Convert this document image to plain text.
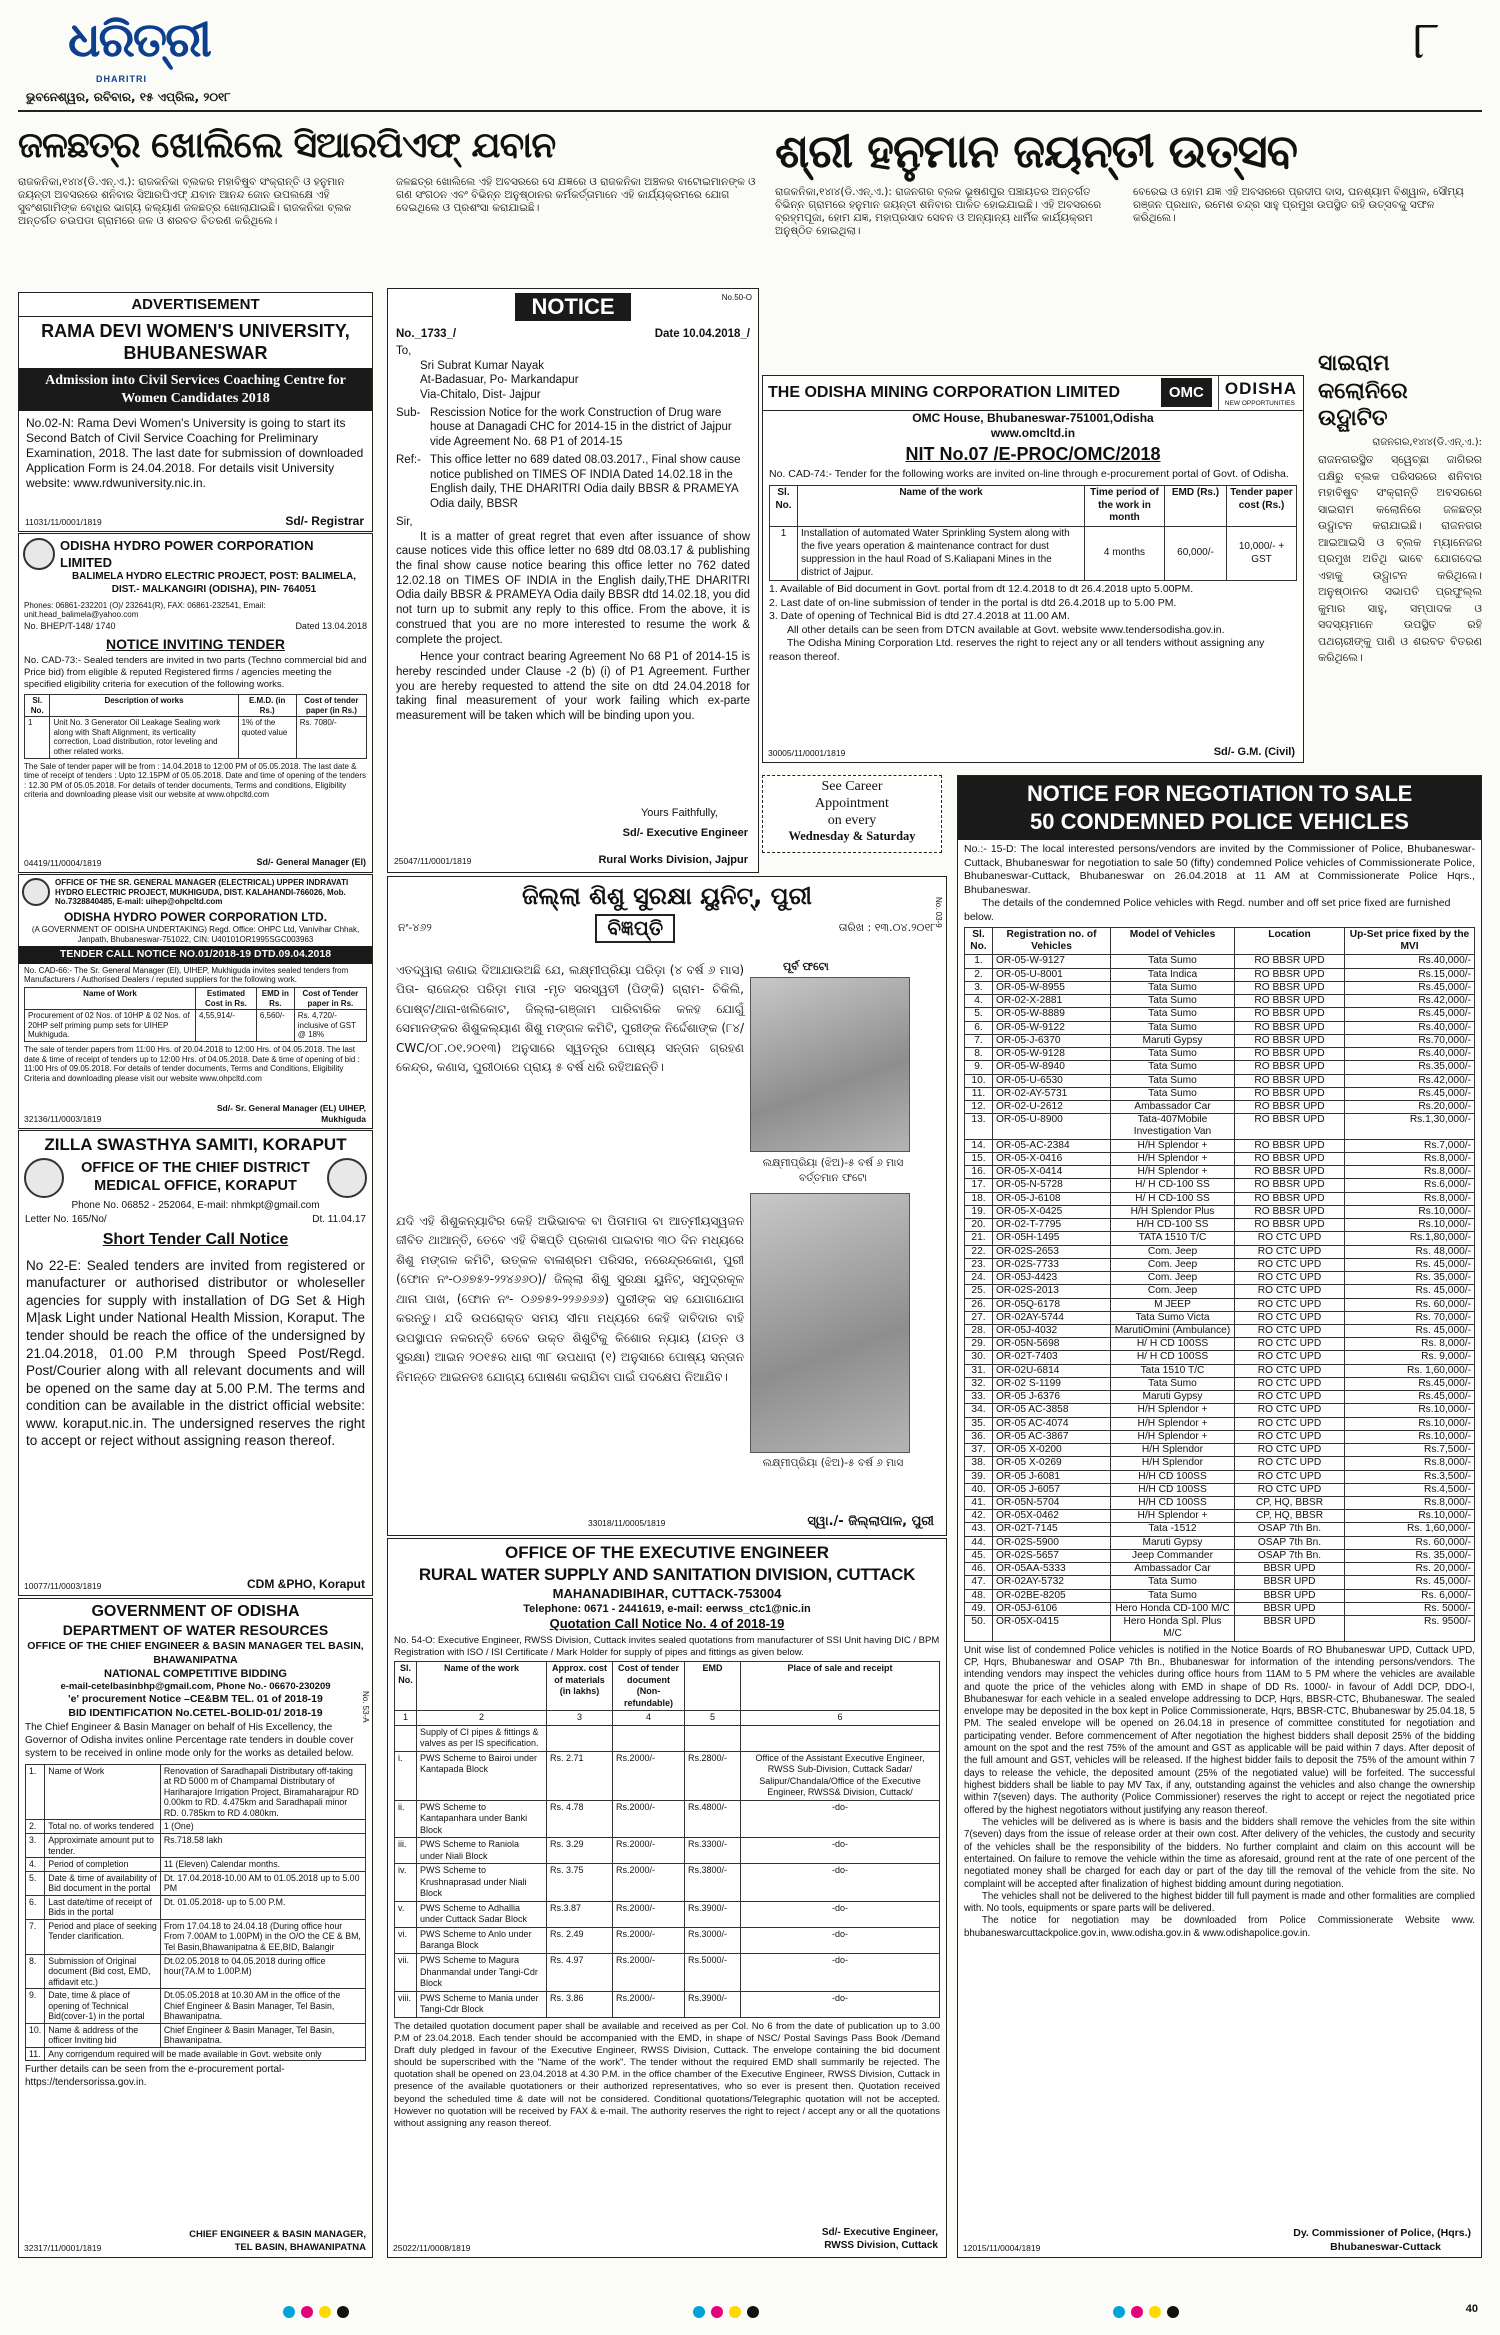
ଧରିତ୍ରୀ
DHARITRI
ଭୁବନେଶ୍ୱର, ରବିବାର, ୧୫ ଏପ୍ରିଲ, ୨୦୧୮
୮
ଜଳଛତ୍ର ଖୋଲିଲେ ସିଆରପିଏଫ୍ ଯବାନ
ରାଜକନିକା,୧୪ା୪(ଡି.ଏନ୍.ଏ.): ରାଜକନିକା ବ୍ଲକର ମହାବିଷୁବ ସଂକ୍ରାନ୍ତି ଓ ହନୁମାନ ଜୟନ୍ତୀ ଅବସରରେ ଶନିବାର ସିଆରପିଏଫ୍ ଯବାନ ଆନନ୍ଦ ଜୋନ ଉପଲକ୍ଷେ ଏହି ସୁବଂଶଗାମିଙ୍କ ବୋଧିର ଭାଗ୍ୟ କଲ୍ୟାଣ ଜଳଛତ୍ର ଖୋଲାଯାଇଛି। ରାଜକନିକା ବ୍ଲକ ଅନ୍ତର୍ଗତ ଚଉପଡା ଗ୍ରାମରେ ଜଳ ଓ ଶରବତ ବିତରଣ କରିଥିଲେ।
ଜଳଛତ୍ର ଖୋଲିଲେ ଏହି ଅବସରରେ ସେ ଯଜ୍ଞରେ ଓ ରାଜକନିକା ଅଞ୍ଚଳର ବାଟୋଇମାନଙ୍କ ଓ ଗଣ ସଂଗଠନ ଏବଂ ବିଭିନ୍ନ ଅନୁଷ୍ଠାନର କର୍ମକର୍ତ୍ତାମାନେ ଏହି କାର୍ଯ୍ୟକ୍ରମରେ ଯୋଗ ଦେଇଥିଲେ ଓ ପ୍ରଶଂସା କରାଯାଇଛି।
ଶ୍ରୀ ହନୁମାନ ଜୟନ୍ତୀ ଉତ୍ସବ
ରାଜକନିକା,୧୪ା୪(ଡି.ଏନ୍.ଏ.): ରାଜନଗର ବ୍ଲକ ଭୂଷଣପୁର ପଞ୍ଚାୟତର ଅନ୍ତର୍ଗତ ବିଭିନ୍ନ ଗ୍ରାମରେ ହନୁମାନ ଜୟନ୍ତୀ ଶନିବାର ପାଳିତ ହୋଇଯାଇଛି। ଏହି ଅବସରରେ ବ୍ରହ୍ମପୂଜା, ହୋମ ଯଜ୍ଞ, ମହାପ୍ରସାଦ ସେବନ ଓ ଅନ୍ୟାନ୍ୟ ଧାର୍ମିକ କାର୍ଯ୍ୟକ୍ରମ ଅନୁଷ୍ଠିତ ହୋଇଥିଲା।
ବେରେଇ ଓ ହୋମ ଯଜ୍ଞ ଏହି ଅବସରରେ ପ୍ରଦୀପ ଦାସ, ଘନଶ୍ୟାମ ବିଶ୍ୱାଳ, ସୌମ୍ୟ ରଞ୍ଜନ ପ୍ରଧାନ, ରମେଶ ଚନ୍ଦ୍ର ସାହୁ ପ୍ରମୁଖ ଉପସ୍ଥିତ ରହି ଉତ୍ସବକୁ ସଫଳ କରିଥିଲେ।
ADVERTISEMENT
RAMA DEVI WOMEN'S UNIVERSITY, BHUBANESWAR
Admission into Civil Services Coaching Centre for Women Candidates 2018
No.02-N: Rama Devi Women's University is going to start its Second Batch of Civil Service Coaching for Preliminary Examination, 2018. The last date for submission of downloaded Application Form is 24.04.2018. For details visit University website: www.rdwuniversity.nic.in.
11031/11/0001/1819	Sd/- Registrar
ODISHA HYDRO POWER CORPORATION LIMITED
BALIMELA HYDRO ELECTRIC PROJECT, POST: BALIMELA, DIST.- MALKANGIRI (ODISHA), PIN- 764051
Phones: 06861-232201 (O)/ 232641(R), FAX: 06861-232541, Email: unit.head_balimela@yahoo.com
No. BHEP/T-148/ 1740	Dated 13.04.2018
NOTICE INVITING TENDER
No. CAD-73:- Sealed tenders are invited in two parts (Techno commercial bid and Price bid) from eligible & reputed Registered firms / agencies meeting the specified eligibility criteria for execution of the following works.
Sl. No.	Description of works	E.M.D. (in Rs.)	Cost of tender paper (in Rs.)
1	Unit No. 3 Generator Oil Leakage Sealing work along with Shaft Alignment, its verticality correction, Load distribution, rotor leveling and other related works.	1% of the quoted value	Rs. 7080/-
The Sale of tender paper will be from : 14.04.2018 to 12:00 PM of 05.05.2018. The last date & time of receipt of tenders : Upto 12.15PM of 05.05.2018. Date and time of opening of the tenders : 12.30 PM of 05.05.2018. For details of tender documents, Terms and conditions, Eligibility criteria and downloading please visit our website at www.ohpcltd.com
04419/11/0004/1819	Sd/- General Manager (EI)
OFFICE OF THE SR. GENERAL MANAGER (ELECTRICAL) UPPER INDRAVATI HYDRO ELECTRIC PROJECT, MUKHIGUDA, DIST. KALAHANDI-766026, Mob. No.7328840485, E-mail: uihep@ohpcltd.com
ODISHA HYDRO POWER CORPORATION LTD.
(A GOVERNMENT OF ODISHA UNDERTAKING) Regd. Office: OHPC Ltd, Vanivihar Chhak, Janpath, Bhubaneswar-751022, CIN: U40101OR1995SGC003963
TENDER CALL NOTICE NO.01/2018-19 DTD.09.04.2018
No. CAD-66:- The Sr. General Manager (El), UIHEP, Mukhiguda invites sealed tenders from Manufacturers / Authorised Dealers / reputed suppliers for the following work.
Name of Work	Estimated Cost in Rs.	EMD in Rs.	Cost of Tender paper in Rs.
Procurement of 02 Nos. of 10HP & 02 Nos. of 20HP self priming pump sets for UIHEP Mukhiguda.	4,55,914/-	6,560/-	Rs. 4,720/- inclusive of GST @ 18%
The sale of tender papers from 11:00 Hrs. of 20.04.2018 to 12:00 Hrs. of 04.05.2018. The last date & time of receipt of tenders up to 12:00 Hrs. of 04.05.2018. Date & time of opening of bid : 11:00 Hrs of 09.05.2018. For details of tender documents, Terms and Conditions, Eligibility Criteria and downloading please visit our website www.ohpcltd.com
32136/11/0003/1819
Sd/- Sr. General Manager (EL) UIHEP, Mukhiguda
ZILLA SWASTHYA SAMITI, KORAPUT
OFFICE OF THE CHIEF DISTRICT MEDICAL OFFICE, KORAPUT
Phone No. 06852 - 252064, E-mail: nhmkpt@gmail.com
Letter No. 165/No/	Dt. 11.04.17
Short Tender Call Notice
No 22-E: Sealed tenders are invited from registered or manufacturer or authorised distributor or wholeseller agencies for supply with installation of DG Set & High M|ask Light under National Health Mission, Koraput. The tender should be reach the office of the undersigned by 21.04.2018, 01.00 P.M through Speed Post/Regd. Post/Courier along with all relevant documents and will be opened on the same day at 5.00 P.M. The terms and condition can be available in the district official website: www. koraput.nic.in. The undersigned reserves the right to accept or reject without assigning reason thereof.
10077/11/0003/1819	CDM &PHO, Koraput
GOVERNMENT OF ODISHA
DEPARTMENT OF WATER RESOURCES
OFFICE OF THE CHIEF ENGINEER & BASIN MANAGER TEL BASIN, BHAWANIPATNA
NATIONAL COMPETITIVE BIDDING
e-mail-cetelbasinbhp@gmail.com, Phone No.- 06670-230209
'e' procurement Notice –CE&BM TEL. 01 of 2018-19
BID IDENTIFICATION No.CETEL-BOLID-01/ 2018-19	No. 53-A
The Chief Engineer & Basin Manager on behalf of His Excellency, the Governor of Odisha invites online Percentage rate tenders in double cover system to be received in online mode only for the works as detailed below.
1.	Name of Work	Renovation of Saradhapali Distributary off-taking at RD 5000 m of Champamal Distributary of Hariharajore Irrigation Project, Biramaharajpur RD 0.00km to RD. 4.475km and Saradhapali minor RD. 0.785km to RD 4.080km.
2.	Total no. of works tendered	1 (One)
3.	Approximate amount put to tender.	Rs.718.58 lakh
4.	Period of completion	11 (Eleven) Calendar months.
5.	Date & time of availability of Bid document in the portal	Dt. 17.04.2018-10.00 AM to 01.05.2018 up to 5.00 PM
6.	Last date/time of receipt of Bids in the portal	Dt. 01.05.2018- up to 5.00 P.M.
7.	Period and place of seeking Tender clarification.	From 17.04.18 to 24.04.18 (During office hour From 7.00AM to 1.00PM) in the O/O the CE & BM, Tel Basin,Bhawanipatna & EE,BID, Balangir
8.	Submission of Original document (Bid cost, EMD, affidavit etc.)	Dt.02.05.2018 to 04.05.2018 during office hour(7A.M to 1.00P.M)
9.	Date, time & place of opening of Technical Bid(cover-1) in the portal	Dt.05.05.2018 at 10.30 AM in the office of the Chief Engineer & Basin Manager, Tel Basin, Bhawanipatna.
10.	Name & address of the officer Inviting bid	Chief Engineer & Basin Manager, Tel Basin, Bhawanipatna.
11.	Any corrigendum required will be made available in Govt. website only	
Further details can be seen from the e-procurement portal-https://tendersorissa.gov.in.
32317/11/0001/1819
CHIEF ENGINEER & BASIN MANAGER,
TEL BASIN, BHAWANIPATNA
No.50-O
NOTICE
No._1733_/	Date 10.04.2018_/
To,
Sri Subrat Kumar Nayak
At-Badasuar, Po- Markandapur
Via-Chitalo, Dist- Jajpur
Sub- Rescission Notice for the work Construction of Drug ware house at Danagadi CHC for 2014-15 in the district of Jajpur vide Agreement No. 68 P1 of 2014-15
Ref:- This office letter no 689 dated 08.03.2017., Final show cause notice published on TIMES OF INDIA Dated 14.02.18 in the English daily, THE DHARITRI Odia daily BBSR & PRAMEYA Odia daily, BBSR
Sir,
It is a matter of great regret that even after issuance of show cause notices vide this office letter no 689 dtd 08.03.17 & publishing the final show cause notice bearing this office letter no 762 dated 12.02.18 on TIMES OF INDIA in the English daily,THE DHARITRI Odia daily BBSR & PRAMEYA Odia daily BBSR dtd 14.02.18, you did not turn up to submit any reply to this office. From the above, it is construed that you are no more interested to resume the work & complete the project.
Hence your contract bearing Agreement No 68 P1 of 2014-15 is hereby rescinded under Clause -2 (b) (i) of P1 Agreement. Further you are hereby requested to attend the site on dtd 24.04.2018 for taking final measurement of your work failing which ex-parte measurement will be taken which will be binding upon you.
Yours Faithfully,
Sd/- Executive Engineer
25047/11/0001/1819	Rural Works Division, Jajpur
THE ODISHA MINING CORPORATION LIMITED	OMC	ODISHA
NEW OPPORTUNITIES
OMC House, Bhubaneswar-751001,Odisha
www.omcltd.in
NIT No.07 /E-PROC/OMC/2018
No. CAD-74:- Tender for the following works are invited on-line through e-procurement portal of Govt. of Odisha.
Sl. No.	Name of the work	Time period of the work in month	EMD (Rs.)	Tender paper cost (Rs.)
1	Installation of automated Water Sprinkling System along with the five years operation & maintenance contract for dust suppression in the haul Road of S.Kaliapani Mines in the district of Jajpur.	4 months	60,000/-	10,000/- + GST
1. Available of Bid document in Govt. portal from dt 12.4.2018 to dt 26.4.2018 upto 5.00PM.
2. Last date of on-line submission of tender in the portal is dtd 26.4.2018 up to 5.00 PM.
3. Date of opening of Technical Bid is dtd 27.4.2018 at 11.00 AM.
All other details can be seen from DTCN available at Govt. website www.tendersodisha.gov.in.
The Odisha Mining Corporation Ltd. reserves the right to reject any or all tenders without assigning any reason thereof.
30005/11/0001/1819	Sd/- G.M. (Civil)
ସାଇରାମ କଲୋନିରେ ଉଦ୍ଘାଟିତ
ରାଜନଗର,୧୪ା୪(ଡି.ଏନ୍.ଏ.):
ରାଜନଗରସ୍ଥିତ ସ୍ୱେଚ୍ଛା ଜାଗିରର ପକ୍ଷିରୁ ବ୍ଲକ ପରିସରରେ ଶନିବାର ମହାବିଷୁବ ସଂକ୍ରାନ୍ତି ଅବସରରେ ସାଇରାମ କଲୋନିରେ ଜଳଛତ୍ର ଉଦ୍ଘାଟନ କରାଯାଇଛି। ରାଜନଗର ଆଇଆଇସି ଓ ବ୍ଲକ ମ୍ୟାନେଜର ପ୍ରମୁଖ ଅତିଥି ଭାବେ ଯୋଗଦେଇ ଏହାକୁ ଉଦ୍ଘାଟନ କରିଥିଲେ। ଅନୁଷ୍ଠାନର ସଭାପତି ପ୍ରଫୁଲ୍ଲ କୁମାର ସାହୁ, ସମ୍ପାଦକ ଓ ସଦସ୍ୟମାନେ ଉପସ୍ଥିତ ରହି ପଥଚାରୀଙ୍କୁ ପାଣି ଓ ଶରବତ ବିତରଣ କରିଥିଲେ।
See Career
Appointment
on every
Wednesday & Saturday
ଜିଲ୍ଲା ଶିଶୁ ସୁରକ୍ଷା ୟୁନିଟ୍, ପୁରୀ
ନଂ-୪୬୨	ବିଜ୍ଞପ୍ତି	ତାରିଖ : ୧୩.୦୪.୨୦୧୮
No. 03-9
ପୂର୍ବ ଫଟୋ
ଏତଦ୍ୱାରା ଜଣାଇ ଦିଆଯାଉଅଛି ଯେ, ଲକ୍ଷ୍ମୀପ୍ରିୟା ପରିଡ଼ା (୪ ବର୍ଷ ୬ ମାସ) ପିତା- ରାଜେନ୍ଦ୍ର ପରିଡ଼ା ମାତା -ମୃତ ସରସ୍ୱତୀ (ପିଙ୍କି) ଗ୍ରାମ- ଚିକିଲି, ପୋଷ୍ଟ/ଥାନା-ଖଲିକୋଟ, ଜିଲ୍ଲା-ଗଞ୍ଜାମ ପାରିବାରିକ କଳହ ଯୋଗୁଁ ସେମାନଙ୍କର ଶିଶୁକଲ୍ୟାଣ ଶିଶୁ ମଙ୍ଗଳ କମିଟି, ପୁରୀଙ୍କ ନିର୍ଦ୍ଦେଶାଙ୍କ (୮୪/ CWC/୦୮.୦୧.୨୦୧୩) ଅନୁସାରେ ସ୍ୱତନ୍ତ୍ର ପୋଷ୍ୟ ସନ୍ତାନ ଗ୍ରହଣ କେନ୍ଦ୍ର, କଣାସ, ପୁରୀଠାରେ ପ୍ରାୟ ୫ ବର୍ଷ ଧରି ରହିଅଛନ୍ତି।
ଲକ୍ଷ୍ମୀପ୍ରିୟା (ଝିଅ)-୫ ବର୍ଷ ୬ ମାସ
ବର୍ତ୍ତମାନ ଫଟୋ
ଯଦି ଏହି ଶିଶୁକନ୍ୟାଟିର କେହି ଅଭିଭାବକ ବା ପିତାମାତା ବା ଆତ୍ମୀୟସ୍ୱଜନ ଜୀବିତ ଥାଆନ୍ତି, ତେବେ ଏହି ବିଜ୍ଞପ୍ତି ପ୍ରକାଶ ପାଇବାର ୩୦ ଦିନ ମଧ୍ୟରେ ଶିଶୁ ମଙ୍ଗଳ କମିଟି, ଉତ୍କଳ ବାଳାଶ୍ରମ ପରିସର, ନରେନ୍ଦ୍ରକୋଣ, ପୁରୀ (ଫୋନ ନଂ-୦୬୭୫୨-୨୨୪୬୬୦)/ ଜିଲ୍ଲା ଶିଶୁ ସୁରକ୍ଷା ୟୁନିଟ୍, ସମୁଦ୍ରକୂଳ ଥାନା ପାଖ, (ଫୋନ ନଂ- ୦୬୭୫୨-୨୨୬୬୬୬) ପୁରୀଙ୍କ ସହ ଯୋଗାଯୋଗ କରନ୍ତୁ। ଯଦି ଉପରୋକ୍ତ ସମୟ ସୀମା ମଧ୍ୟରେ କେହି ଦାବିଦାର ବାହି ଉପସ୍ଥାପନ ନକରନ୍ତି ତେବେ ଉକ୍ତ ଶିଶୁଟିକୁ କିଶୋର ନ୍ୟାୟ (ଯତ୍ନ ଓ ସୁରକ୍ଷା) ଆଇନ ୨୦୧୫ର ଧାରା ୩୮ ଉପଧାରା (୧) ଅନୁସାରେ ପୋଷ୍ୟ ସନ୍ତାନ ନିମନ୍ତେ ଆଇନତଃ ଯୋଗ୍ୟ ଘୋଷଣା କରାଯିବା ପାଇଁ ପଦକ୍ଷେପ ନିଆଯିବ।
ଲକ୍ଷ୍ମୀପ୍ରିୟା (ଝିଅ)-୫ ବର୍ଷ ୬ ମାସ
33018/11/0005/1819	ସ୍ୱା./- ଜିଲ୍ଲାପାଳ, ପୁରୀ
OFFICE OF THE EXECUTIVE ENGINEER
RURAL WATER SUPPLY AND SANITATION DIVISION, CUTTACK
MAHANADIBIHAR, CUTTACK-753004
Telephone: 0671 - 2441619, e-mail: eerwss_ctc1@nic.in
Quotation Call Notice No. 4 of 2018-19
No. 54-O: Executive Engineer, RWSS Division, Cuttack invites sealed quotations from manufacturer of SSI Unit having DIC / BPM Registration with ISO / ISI Certificate / Mark Holder for supply of pipes and fittings as given below.
Sl. No.	Name of the work	Approx. cost of materials (in lakhs)	Cost of tender document (Non-refundable)	EMD	Place of sale and receipt
1	2	3	4	5	6
	Supply of CI pipes & fittings & valves as per IS specification.				
i.	PWS Scheme to Bairoi under Kantapada Block	Rs. 2.71	Rs.2000/-	Rs.2800/-	Office of the Assistant Executive Engineer, RWSS Sub-Division, Cuttack Sadar/ Salipur/Chandala/Office of the Executive Engineer, RWSS& Division, Cuttack/
ii.	PWS Scheme to Kantapanhara under Banki Block	Rs. 4.78	Rs.2000/-	Rs.4800/-	-do-
iii.	PWS Scheme to Raniola under Niali Block	Rs. 3.29	Rs.2000/-	Rs.3300/-	-do-
iv.	PWS Scheme to Krushnaprasad under Niali Block	Rs. 3.75	Rs.2000/-	Rs.3800/-	-do-
v.	PWS Scheme to Adhallia under Cuttack Sadar Block	Rs.3.87	Rs.2000/-	Rs.3900/-	-do-
vi.	PWS Scheme to Anlo under Baranga Block	Rs. 2.49	Rs.2000/-	Rs.3000/-	-do-
vii.	PWS Scheme to Magura Dhanmandal under Tangi-Cdr Block	Rs. 4.97	Rs.2000/-	Rs.5000/-	-do-
viii.	PWS Scheme to Mania under Tangi-Cdr Block	Rs. 3.86	Rs.2000/-	Rs.3900/-	-do-
The detailed quotation document paper shall be available and received as per Col. No 6 from the date of publication up to 3.00 P.M of 23.04.2018. Each tender should be accompanied with the EMD, in shape of NSC/ Postal Savings Pass Book /Demand Draft duly pledged in favour of the Executive Engineer, RWSS Division, Cuttack. The envelope containing the bid document should be superscribed with the "Name of the work". The tender without the required EMD shall summarily be rejected. The quotation shall be opened on 23.04.2018 at 4.30 P.M. in the office chamber of the Executive Engineer, RWSS Division, Cuttack in presence of the available quotationers or their authorized representatives, who so ever is present then. Quotation received beyond the scheduled time & date will not be considered. Conditional quotations/Telegraphic quotation will not be accepted. However no quotation will be received by FAX & e-mail. The authority reserves the right to reject / accept any or all the quotations without assigning any reason thereof.
25022/11/0008/1819
Sd/- Executive Engineer,
RWSS Division, Cuttack
NOTICE FOR NEGOTIATION TO SALE
50 CONDEMNED POLICE VEHICLES
No.:- 15-D: The local interested persons/vendors are invited by the Commissioner of Police, Bhubaneswar-Cuttack, Bhubaneswar for negotiation to sale 50 (fifty) condemned Police vehicles of Commissionerate Police, Bhubaneswar-Cuttack, Bhubaneswar on 26.04.2018 at 11 AM at Commissionerate Police Hqrs., Bhubaneswar.
The details of the condemned Police vehicles with Regd. number and off set price fixed are furnished below.
Sl. No.	Registration no. of Vehicles	Model of Vehicles	Location	Up-Set price fixed by the MVI
1.	OR-05-W-9127	Tata Sumo	RO BBSR UPD	Rs.40,000/-
2.	OR-05-U-8001	Tata Indica	RO BBSR UPD	Rs.15,000/-
3.	OR-05-W-8955	Tata Sumo	RO BBSR UPD	Rs.45,000/-
4.	OR-02-X-2881	Tata Sumo	RO BBSR UPD	Rs.42,000/-
5.	OR-05-W-8889	Tata Sumo	RO BBSR UPD	Rs.45,000/-
6.	OR-05-W-9122	Tata Sumo	RO BBSR UPD	Rs.40,000/-
7.	OR-05-J-6370	Maruti Gypsy	RO BBSR UPD	Rs.70,000/-
8.	OR-05-W-9128	Tata Sumo	RO BBSR UPD	Rs.40,000/-
9.	OR-05-W-8940	Tata Sumo	RO BBSR UPD	Rs.35,000/-
10.	OR-05-U-6530	Tata Sumo	RO BBSR UPD	Rs.42,000/-
11.	OR-02-AY-5731	Tata Sumo	RO BBSR UPD	Rs.45,000/-
12.	OR-02-U-2612	Ambassador Car	RO BBSR UPD	Rs.20,000/-
13.	OR-05-U-8900	Tata-407Mobile Investigation Van	RO BBSR UPD	Rs.1,30,000/-
14.	OR-05-AC-2384	H/H Splendor +	RO BBSR UPD	Rs.7,000/-
15.	OR-05-X-0416	H/H Splendor +	RO BBSR UPD	Rs.8,000/-
16.	OR-05-X-0414	H/H Splendor +	RO BBSR UPD	Rs.8,000/-
17.	OR-05-N-5728	H/ H CD-100 SS	RO BBSR UPD	Rs.6,000/-
18.	OR-05-J-6108	H/ H CD-100 SS	RO BBSR UPD	Rs.8,000/-
19.	OR-05-X-0425	H/H Splendor Plus	RO BBSR UPD	Rs.10,000/-
20.	OR-02-T-7795	H/H CD-100 SS	RO BBSR UPD	Rs.10,000/-
21.	OR-05H-1495	TATA 1510 T/C	RO CTC UPD	Rs.1,80,000/-
22.	OR-02S-2653	Com. Jeep	RO CTC UPD	Rs. 48,000/-
23.	OR-02S-7733	Com. Jeep	RO CTC UPD	Rs. 45,000/-
24.	OR-05J-4423	Com. Jeep	RO CTC UPD	Rs. 35,000/-
25.	OR-02S-2013	Com. Jeep	RO CTC UPD	Rs. 45,000/-
26.	OR-05Q-6178	M JEEP	RO CTC UPD	Rs. 60,000/-
27.	OR-02AY-5744	Tata Sumo Victa	RO CTC UPD	Rs. 70,000/-
28.	OR-05J-4032	MarutiOmini (Ambulance)	RO CTC UPD	Rs. 45,000/-
29.	OR-05N-5698	H/ H CD 100SS	RO CTC UPD	Rs. 8,000/-
30.	OR-02T-7403	H/ H CD 100SS	RO CTC UPD	Rs. 9,000/-
31.	OR-02U-6814	Tata 1510 T/C	RO CTC UPD	Rs. 1,60,000/-
32.	OR-02 S-1199	Tata Sumo	RO CTC UPD	Rs.45,000/-
33.	OR-05 J-6376	Maruti Gypsy	RO CTC UPD	Rs.45,000/-
34.	OR-05 AC-3858	H/H Splendor +	RO CTC UPD	Rs.10,000/-
35.	OR-05 AC-4074	H/H Splendor +	RO CTC UPD	Rs.10,000/-
36.	OR-05 AC-3867	H/H Splendor +	RO CTC UPD	Rs.10,000/-
37.	OR-05 X-0200	H/H Splendor	RO CTC UPD	Rs.7,500/-
38.	OR-05 X-0269	H/H Splendor	RO CTC UPD	Rs.8,000/-
39.	OR-05 J-6081	H/H CD 100SS	RO CTC UPD	Rs.3,500/-
40.	OR-05 J-6057	H/H CD 100SS	RO CTC UPD	Rs.4,500/-
41.	OR-05N-5704	H/H CD 100SS	CP, HQ, BBSR	Rs.8,000/-
42.	OR-05X-0462	H/H Splendor +	CP, HQ, BBSR	Rs.10,000/-
43.	OR-02T-7145	Tata -1512	OSAP 7th Bn.	Rs. 1,60,000/-
44.	OR-02S-5900	Maruti Gypsy	OSAP 7th Bn.	Rs. 60,000/-
45.	OR-02S-5657	Jeep Commander	OSAP 7th Bn.	Rs. 35,000/-
46.	OR-05AA-5333	Ambassador Car	BBSR UPD	Rs. 20,000/-
47.	OR-02AY-5732	Tata Sumo	BBSR UPD	Rs. 45,000/-
48.	OR-02BE-8205	Tata Sumo	BBSR UPD	Rs. 6,000/-
49.	OR-05J-6106	Hero Honda CD-100 M/C	BBSR UPD	Rs. 5000/-
50.	OR-05X-0415	Hero Honda Spl. Plus M/C	BBSR UPD	Rs. 9500/-
Unit wise list of condemned Police vehicles is notified in the Notice Boards of RO Bhubaneswar UPD, Cuttack UPD, CP, Hqrs, Bhubaneswar and OSAP 7th Bn., Bhubaneswar for information of the intending persons/vendors. The intending vendors may inspect the vehicles during office hours from 11AM to 5 PM where the vehicles are available and quote the price of the vehicles along with EMD in shape of DD Rs. 1000/- in favour of Addl DCP, DDO-I, Bhubaneswar for each vehicle in a sealed envelope addressing to DCP, Hqrs, BBSR-CTC, Bhubaneswar. The sealed envelope may be deposited in the box kept in Police Commissionerate, Hqrs, BBSR-CTC, Bhubaneswar by 25.04.18, 5 PM. The sealed envelope will be opened on 26.04.18 in presence of committee constituted for negotiation and participating vender. Before commencement of After negotiation the highest bidders shall deposit 25% of the bidding amount on the spot and the rest 75% of the amount and GST as applicable will be paid within 7 days. After deposit of the full amount and GST, vehicles will be released. If the highest bidder fails to deposit the 75% of the amount within 7 days to release the vehicle, the deposited amount (25% of the negotiated value) will be forfeited. The successful highest bidders shall be liable to pay MV Tax, if any, outstanding against the vehicles and also change the ownership within 7(seven) days. The authority (Police Commissioner) reserves the right to accept or reject the negotiated price offered by the highest negotiators without justifying any reason thereof.
The vehicles will be delivered as is where is basis and the bidders shall remove the vehicles from the site within 7(seven) days from the issue of release order at their own cost. After delivery of the vehicles, the custody and security of the vehicles shall be the responsibility of the bidders. No further complaint and claim on this account will be entertained. On failure to remove the vehicle within the time as aforesaid, ground rent at the rate of one percent of the negotiated money shall be charged for each day or part of the day till the removal of the vehicle from the site. No complaint will be accepted after finalization of highest bidding amount during negotiation.
The vehicles shall not be delivered to the highest bidder till full payment is made and other formalities are complied with. No tools, equipments or spare parts will be delivered.
The notice for negotiation may be downloaded from Police Commissionerate Website www. bhubaneswarcuttackpolice.gov.in, www.odisha.gov.in & www.odishapolice.gov.in.
Dy. Commissioner of Police, (Hqrs.)
12015/11/0004/1819	Bhubaneswar-Cuttack
40
